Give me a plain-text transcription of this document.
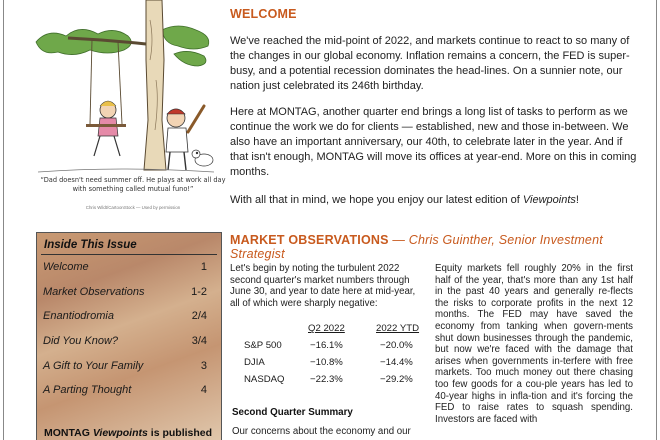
“Dad doesn't need summer off. He plays at work all day with something called mutual funo!”
Chris Wildt/CartoonStock — Used by permission
Inside This Issue
Welcome	1
Market Observations	1-2
Enantiodromia	2/4
Did You Know?	3/4
A Gift to Your Family	3
A Parting Thought	4
MONTAG Viewpoints is published
WELCOME

We've reached the mid-point of 2022, and markets continue to react to so many of the changes in our global economy. Inflation remains a concern, the FED is super-busy, and a potential recession dominates the head-lines. On a sunnier note, our nation just celebrated its 246th birthday.

Here at MONTAG, another quarter end brings a long list of tasks to perform as we continue the work we do for clients — established, new and those in-between. We also have an important anniversary, our 40th, to celebrate later in the year. And if that isn't enough, MONTAG will move its offices at year-end. More on this in coming months.

With all that in mind, we hope you enjoy our latest edition of Viewpoints!

MARKET OBSERVATIONS — Chris Guinther, Senior Investment Strategist

Let's begin by noting the turbulent 2022 second quarter's market numbers through June 30, and year to date here at mid-year, all of which were sharply negative:

Q2 2022	2022 YTD
S&P 500	−16.1%	−20.0%
DJIA	−10.8%	−14.4%
NASDAQ	−22.3%	−29.2%
Second Quarter Summary
Our concerns about the economy and our

Equity markets fell roughly 20% in the first half of the year, that's more than any 1st half in the past 40 years and generally re-flects the risks to corporate profits in the next 12 months. The FED may have saved the economy from tanking when govern-ments shut down businesses through the pandemic, but now we're faced with the damage that arises when governments in-terfere with free markets. Too much money out there chasing too few goods for a cou-ple years has led to 40-year highs in infla-tion and it's forcing the FED to raise rates to squash spending. Investors are faced with
